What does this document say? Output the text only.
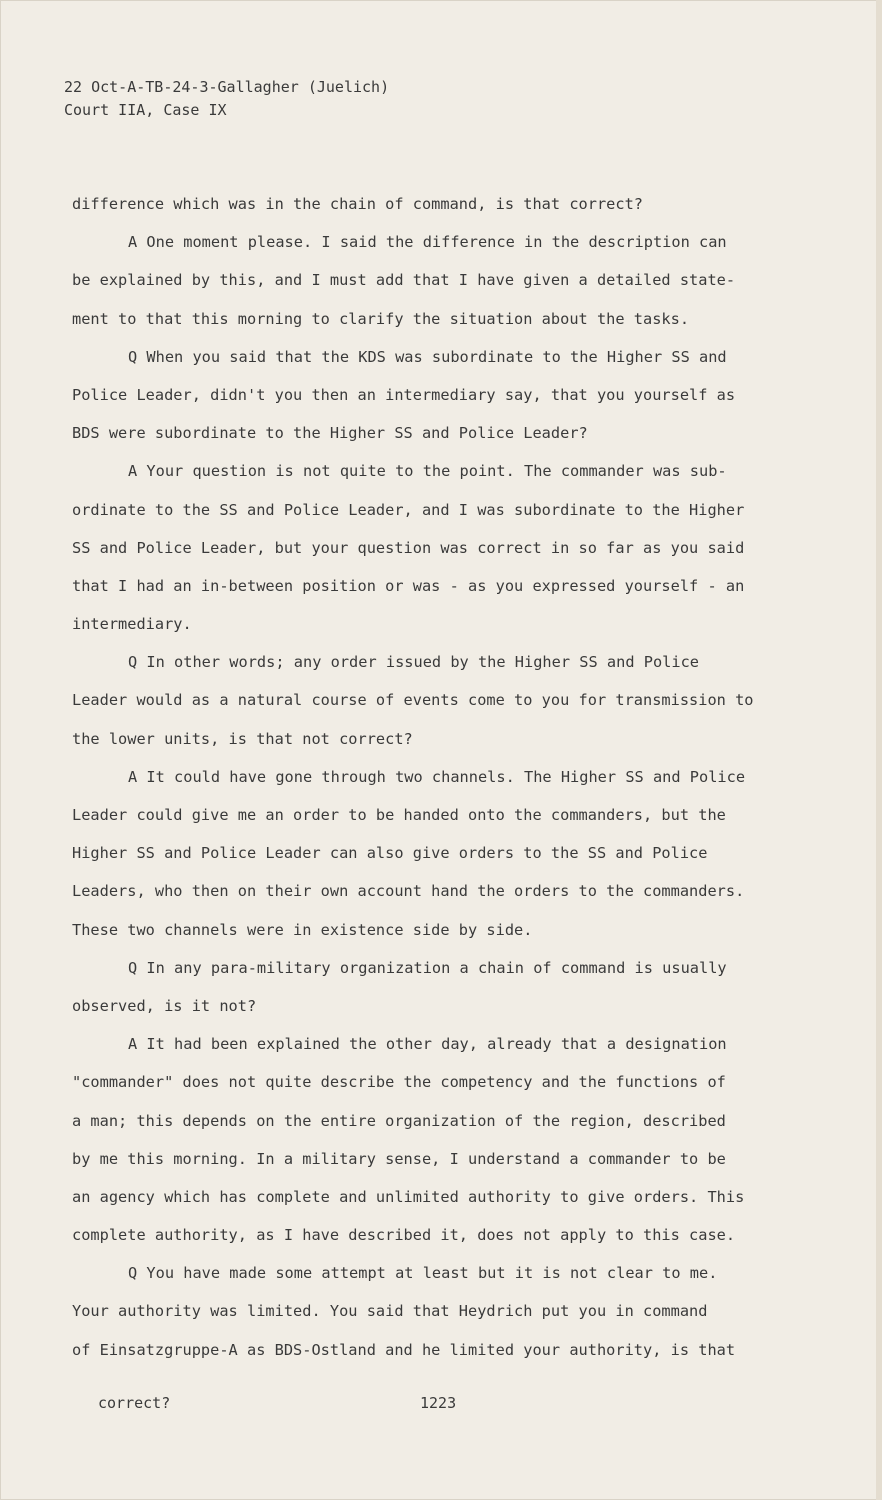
22 Oct-A-TB-24-3-Gallagher (Juelich)
Court IIA, Case IX
difference which was in the chain of command, is that correct?
A One moment please. I said the difference in the description can
be explained by this, and I must add that I have given a detailed state-
ment to that this morning to clarify the situation about the tasks.
Q When you said that the KDS was subordinate to the Higher SS and
Police Leader, didn't you then an intermediary say, that you yourself as
BDS were subordinate to the Higher SS and Police Leader?
A Your question is not quite to the point. The commander was sub-
ordinate to the SS and Police Leader, and I was subordinate to the Higher
SS and Police Leader, but your question was correct in so far as you said
that I had an in-between position or was - as you expressed yourself - an
intermediary.
Q In other words; any order issued by the Higher SS and Police
Leader would as a natural course of events come to you for transmission to
the lower units, is that not correct?
A It could have gone through two channels. The Higher SS and Police
Leader could give me an order to be handed onto the commanders, but the
Higher SS and Police Leader can also give orders to the SS and Police
Leaders, who then on their own account hand the orders to the commanders.
These two channels were in existence side by side.
Q In any para-military organization a chain of command is usually
observed, is it not?
A It had been explained the other day, already that a designation
"commander" does not quite describe the competency and the functions of
a man; this depends on the entire organization of the region, described
by me this morning. In a military sense, I understand a commander to be
an agency which has complete and unlimited authority to give orders. This
complete authority, as I have described it, does not apply to this case.
Q You have made some attempt at least but it is not clear to me.
Your authority was limited. You said that Heydrich put you in command
of Einsatzgruppe-A as BDS-Ostland and he limited your authority, is that
correct?	1223
